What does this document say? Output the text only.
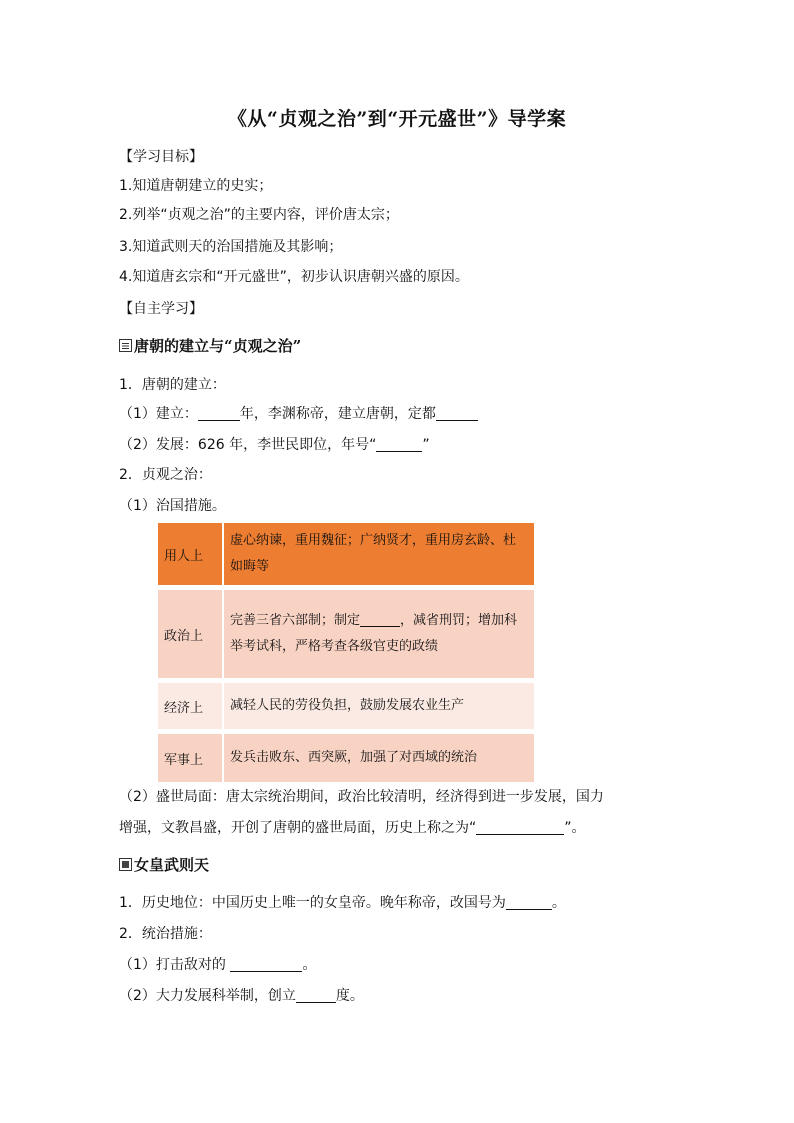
《从“贞观之治”到“开元盛世”》导学案
【学习目标】
1.知道唐朝建立的史实；
2.列举“贞观之治”的主要内容，评价唐太宗；
3.知道武则天的治国措施及其影响；
4.知道唐玄宗和“开元盛世”，初步认识唐朝兴盛的原因。
【自主学习】
唐朝的建立与“贞观之治”
1．唐朝的建立：
（1）建立：	年，李渊称帝，建立唐朝，定都
（2）发展：626 年，李世民即位，年号“	”
2．贞观之治：
（1）治国措施。
用人上	虚心纳谏，重用魏征；广纳贤才，重用房玄龄、杜如晦等

政治上	完善三省六部制；制定 ，减省刑罚；增加科举考试科，严格考查各级官吏的政绩

经济上	减轻人民的劳役负担，鼓励发展农业生产

军事上	发兵击败东、西突厥，加强了对西域的统治
（2）盛世局面：唐太宗统治期间，政治比较清明，经济得到进一步发展，国力
增强，文教昌盛，开创了唐朝的盛世局面，历史上称之为“	”。
女皇武则天
1．历史地位：中国历史上唯一的女皇帝。晚年称帝，改国号为	。
2．统治措施：
（1）打击敌对的	。
（2）大力发展科举制，创立	度。
